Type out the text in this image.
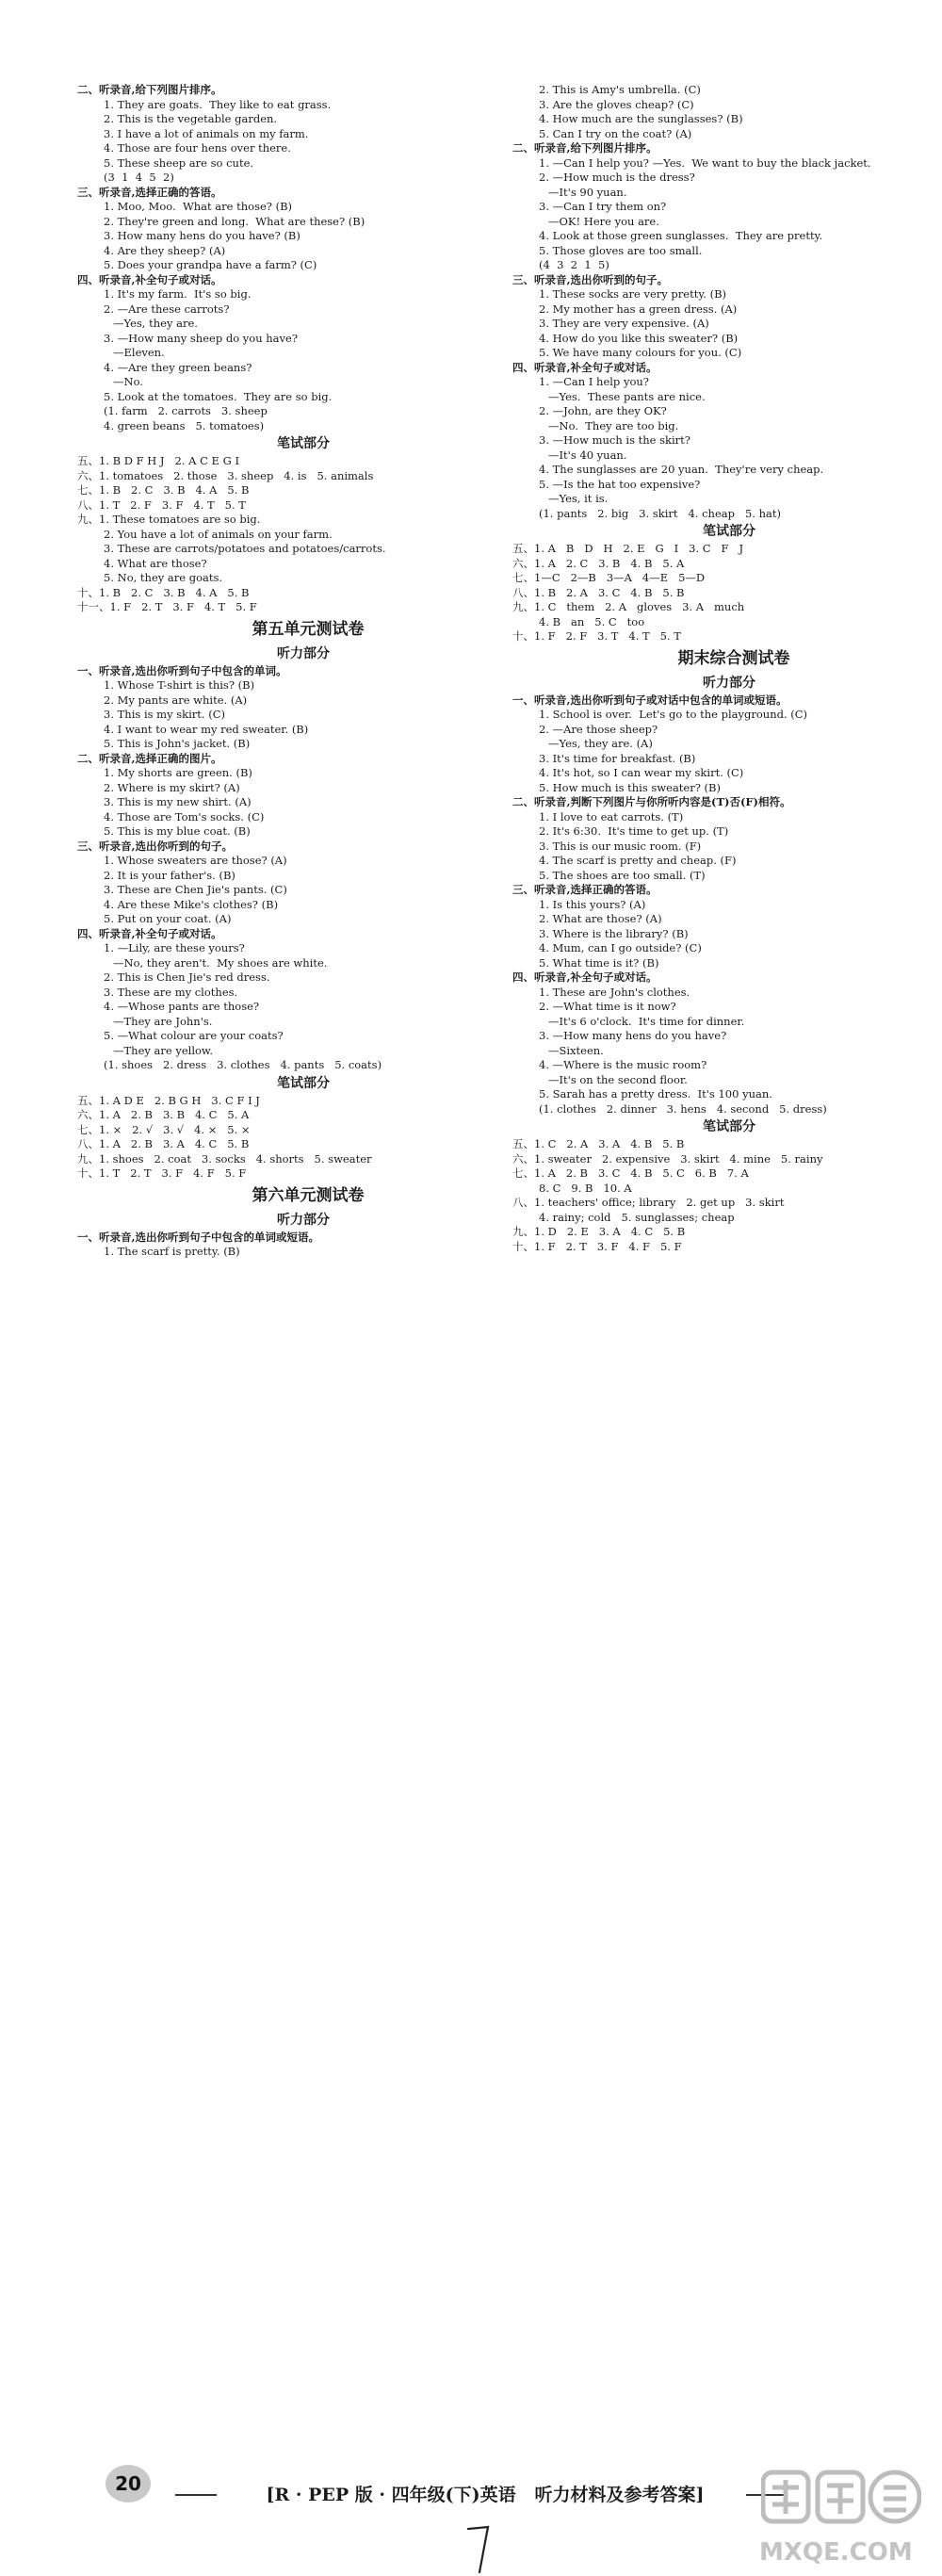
二、听录音,给下列图片排序。
1. They are goats.  They like to eat grass.
2. This is the vegetable garden.
3. I have a lot of animals on my farm.
4. Those are four hens over there.
5. These sheep are so cute.
(3  1  4  5  2)
三、听录音,选择正确的答语。
1. Moo, Moo.  What are those? (B)
2. They're green and long.  What are these? (B)
3. How many hens do you have? (B)
4. Are they sheep? (A)
5. Does your grandpa have a farm? (C)
四、听录音,补全句子或对话。
1. It's my farm.  It's so big.
2. —Are these carrots?
—Yes, they are.
3. —How many sheep do you have?
—Eleven.
4. —Are they green beans?
—No.
5. Look at the tomatoes.  They are so big.
(1. farm   2. carrots   3. sheep
4. green beans   5. tomatoes)
笔试部分
五、1. B D F H J   2. A C E G I
六、1. tomatoes   2. those   3. sheep   4. is   5. animals
七、1. B   2. C   3. B   4. A   5. B
八、1. T   2. F   3. F   4. T   5. T
九、1. These tomatoes are so big.
2. You have a lot of animals on your farm.
3. These are carrots/potatoes and potatoes/carrots.
4. What are those?
5. No, they are goats.
十、1. B   2. C   3. B   4. A   5. B
十一、1. F   2. T   3. F   4. T   5. F
第五单元测试卷
听力部分
一、听录音,选出你听到句子中包含的单词。
1. Whose T-shirt is this? (B)
2. My pants are white. (A)
3. This is my skirt. (C)
4. I want to wear my red sweater. (B)
5. This is John's jacket. (B)
二、听录音,选择正确的图片。
1. My shorts are green. (B)
2. Where is my skirt? (A)
3. This is my new shirt. (A)
4. Those are Tom's socks. (C)
5. This is my blue coat. (B)
三、听录音,选出你听到的句子。
1. Whose sweaters are those? (A)
2. It is your father's. (B)
3. These are Chen Jie's pants. (C)
4. Are these Mike's clothes? (B)
5. Put on your coat. (A)
四、听录音,补全句子或对话。
1. —Lily, are these yours?
—No, they aren't.  My shoes are white.
2. This is Chen Jie's red dress.
3. These are my clothes.
4. —Whose pants are those?
—They are John's.
5. —What colour are your coats?
—They are yellow.
(1. shoes   2. dress   3. clothes   4. pants   5. coats)
笔试部分
五、1. A D E   2. B G H   3. C F I J
六、1. A   2. B   3. B   4. C   5. A
七、1. ×   2. √   3. √   4. ×   5. ×
八、1. A   2. B   3. A   4. C   5. B
九、1. shoes   2. coat   3. socks   4. shorts   5. sweater
十、1. T   2. T   3. F   4. F   5. F
第六单元测试卷
听力部分
一、听录音,选出你听到句子中包含的单词或短语。
1. The scarf is pretty. (B)
2. This is Amy's umbrella. (C)
3. Are the gloves cheap? (C)
4. How much are the sunglasses? (B)
5. Can I try on the coat? (A)
二、听录音,给下列图片排序。
1. —Can I help you? —Yes.  We want to buy the black jacket.
2. —How much is the dress?
—It's 90 yuan.
3. —Can I try them on?
—OK! Here you are.
4. Look at those green sunglasses.  They are pretty.
5. Those gloves are too small.
(4  3  2  1  5)
三、听录音,选出你听到的句子。
1. These socks are very pretty. (B)
2. My mother has a green dress. (A)
3. They are very expensive. (A)
4. How do you like this sweater? (B)
5. We have many colours for you. (C)
四、听录音,补全句子或对话。
1. —Can I help you?
—Yes.  These pants are nice.
2. —John, are they OK?
—No.  They are too big.
3. —How much is the skirt?
—It's 40 yuan.
4. The sunglasses are 20 yuan.  They're very cheap.
5. —Is the hat too expensive?
—Yes, it is.
(1. pants   2. big   3. skirt   4. cheap   5. hat)
笔试部分
五、1. A   B   D   H   2. E   G   I   3. C   F   J
六、1. A   2. C   3. B   4. B   5. A
七、1—C   2—B   3—A   4—E   5—D
八、1. B   2. A   3. C   4. B   5. B
九、1. C   them   2. A   gloves   3. A   much
4. B   an   5. C   too
十、1. F   2. F   3. T   4. T   5. T
期末综合测试卷
听力部分
一、听录音,选出你听到句子或对话中包含的单词或短语。
1. School is over.  Let's go to the playground. (C)
2. —Are those sheep?
—Yes, they are. (A)
3. It's time for breakfast. (B)
4. It's hot, so I can wear my skirt. (C)
5. How much is this sweater? (B)
二、听录音,判断下列图片与你所听内容是(T)否(F)相符。
1. I love to eat carrots. (T)
2. It's 6:30.  It's time to get up. (T)
3. This is our music room. (F)
4. The scarf is pretty and cheap. (F)
5. The shoes are too small. (T)
三、听录音,选择正确的答语。
1. Is this yours? (A)
2. What are those? (A)
3. Where is the library? (B)
4. Mum, can I go outside? (C)
5. What time is it? (B)
四、听录音,补全句子或对话。
1. These are John's clothes.
2. —What time is it now?
—It's 6 o'clock.  It's time for dinner.
3. —How many hens do you have?
—Sixteen.
4. —Where is the music room?
—It's on the second floor.
5. Sarah has a pretty dress.  It's 100 yuan.
(1. clothes   2. dinner   3. hens   4. second   5. dress)
笔试部分
五、1. C   2. A   3. A   4. B   5. B
六、1. sweater   2. expensive   3. skirt   4. mine   5. rainy
七、1. A   2. B   3. C   4. B   5. C   6. B   7. A
8. C   9. B   10. A
八、1. teachers' office; library   2. get up   3. skirt
4. rainy; cold   5. sunglasses; cheap
九、1. D   2. E   3. A   4. C   5. B
十、1. F   2. T   3. F   4. F   5. F
20	[R · PEP 版 · 四年级(下)英语   听力材料及参考答案]
MXQE.COM
